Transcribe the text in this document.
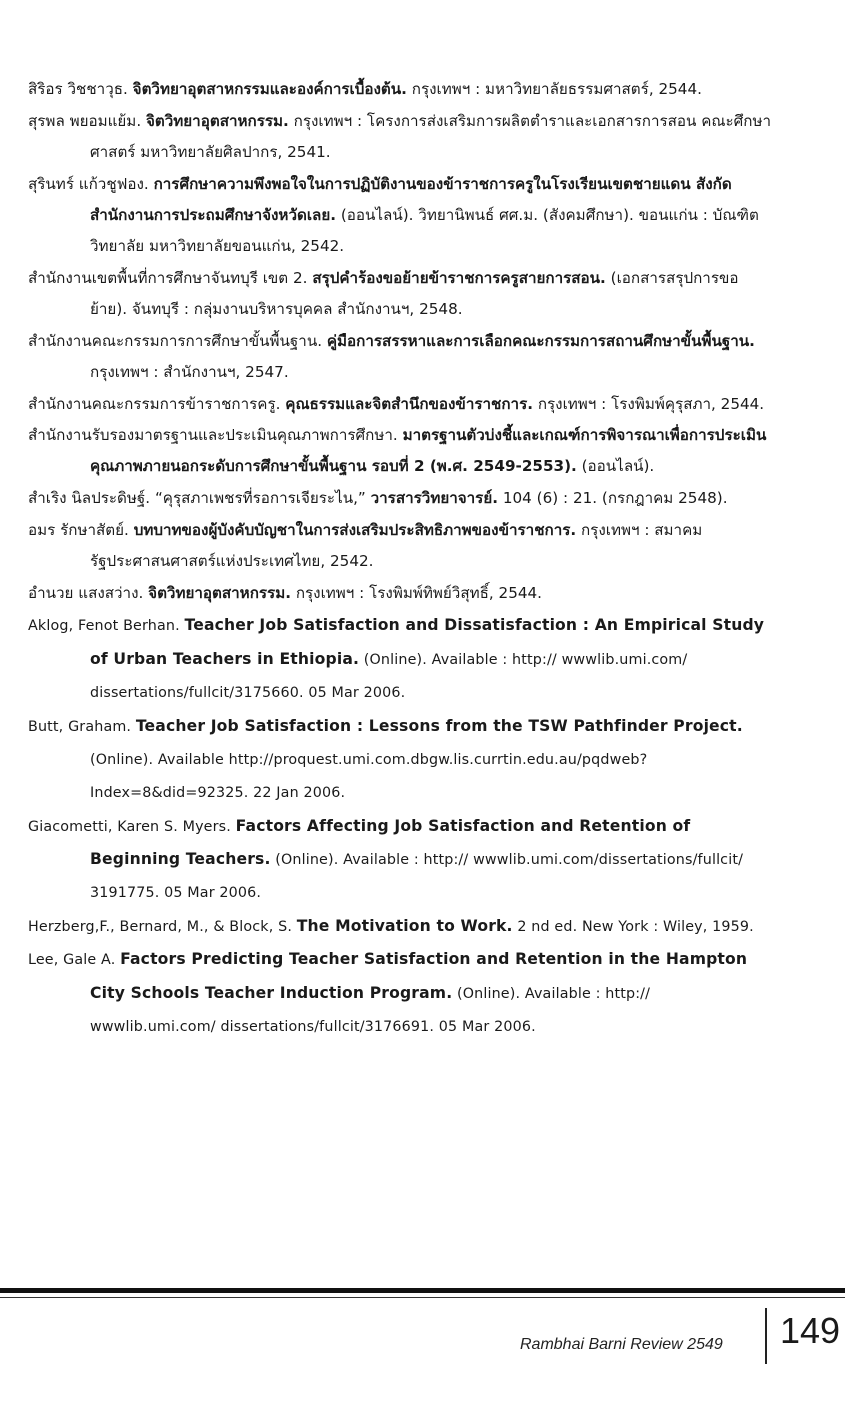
สิริอร วิชชาวุธ. จิตวิทยาอุตสาหกรรมและองค์การเบื้องต้น. กรุงเทพฯ : มหาวิทยาลัยธรรมศาสตร์, 2544.

สุรพล พยอมแย้ม. จิตวิทยาอุตสาหกรรม. กรุงเทพฯ : โครงการส่งเสริมการผลิตตำราและเอกสารการสอน คณะศึกษาศาสตร์ มหาวิทยาลัยศิลปากร, 2541.

สุรินทร์ แก้วชูฟอง. การศึกษาความพึงพอใจในการปฏิบัติงานของข้าราชการครูในโรงเรียนเขตชายแดน สังกัดสำนักงานการประถมศึกษาจังหวัดเลย. (ออนไลน์). วิทยานิพนธ์ ศศ.ม. (สังคมศึกษา). ขอนแก่น : บัณฑิตวิทยาลัย มหาวิทยาลัยขอนแก่น, 2542.

สำนักงานเขตพื้นที่การศึกษาจันทบุรี เขต 2. สรุปคำร้องขอย้ายข้าราชการครูสายการสอน. (เอกสารสรุปการขอย้าย). จันทบุรี : กลุ่มงานบริหารบุคคล สำนักงานฯ, 2548.

สำนักงานคณะกรรมการการศึกษาขั้นพื้นฐาน. คู่มือการสรรหาและการเลือกคณะกรรมการสถานศึกษาขั้นพื้นฐาน. กรุงเทพฯ : สำนักงานฯ, 2547.

สำนักงานคณะกรรมการข้าราชการครู. คุณธรรมและจิตสำนึกของข้าราชการ. กรุงเทพฯ : โรงพิมพ์คุรุสภา, 2544.

สำนักงานรับรองมาตรฐานและประเมินคุณภาพการศึกษา. มาตรฐานตัวบ่งชี้และเกณฑ์การพิจารณาเพื่อการประเมินคุณภาพภายนอกระดับการศึกษาขั้นพื้นฐาน รอบที่ 2 (พ.ศ. 2549-2553). (ออนไลน์).

สำเริง นิลประดิษฐ์. “คุรุสภาเพชรที่รอการเจียระไน,” วารสารวิทยาจารย์. 104 (6) : 21. (กรกฎาคม 2548).

อมร รักษาสัตย์. บทบาทของผู้บังคับบัญชาในการส่งเสริมประสิทธิภาพของข้าราชการ. กรุงเทพฯ : สมาคมรัฐประศาสนศาสตร์แห่งประเทศไทย, 2542.

อำนวย แสงสว่าง. จิตวิทยาอุตสาหกรรม. กรุงเทพฯ : โรงพิมพ์ทิพย์วิสุทธิ์, 2544.

Aklog, Fenot Berhan. Teacher Job Satisfaction and Dissatisfaction : An Empirical Study of Urban Teachers in Ethiopia. (Online). Available : http:// wwwlib.umi.com/ dissertations/fullcit/3175660. 05 Mar 2006.

Butt, Graham. Teacher Job Satisfaction : Lessons from the TSW Pathfinder Project. (Online). Available http://proquest.umi.com.dbgw.lis.currtin.edu.au/pqdweb? Index=8&did=92325. 22 Jan 2006.

Giacometti, Karen S. Myers. Factors Affecting Job Satisfaction and Retention of Beginning Teachers. (Online). Available : http:// wwwlib.umi.com/dissertations/fullcit/ 3191775. 05 Mar 2006.

Herzberg,F., Bernard, M., & Block, S. The Motivation to Work. 2 nd ed. New York : Wiley, 1959.

Lee, Gale A. Factors Predicting Teacher Satisfaction and Retention in the Hampton City Schools Teacher Induction Program. (Online). Available : http:// wwwlib.umi.com/ dissertations/fullcit/3176691. 05 Mar 2006.

Rambhai Barni Review 2549 149
